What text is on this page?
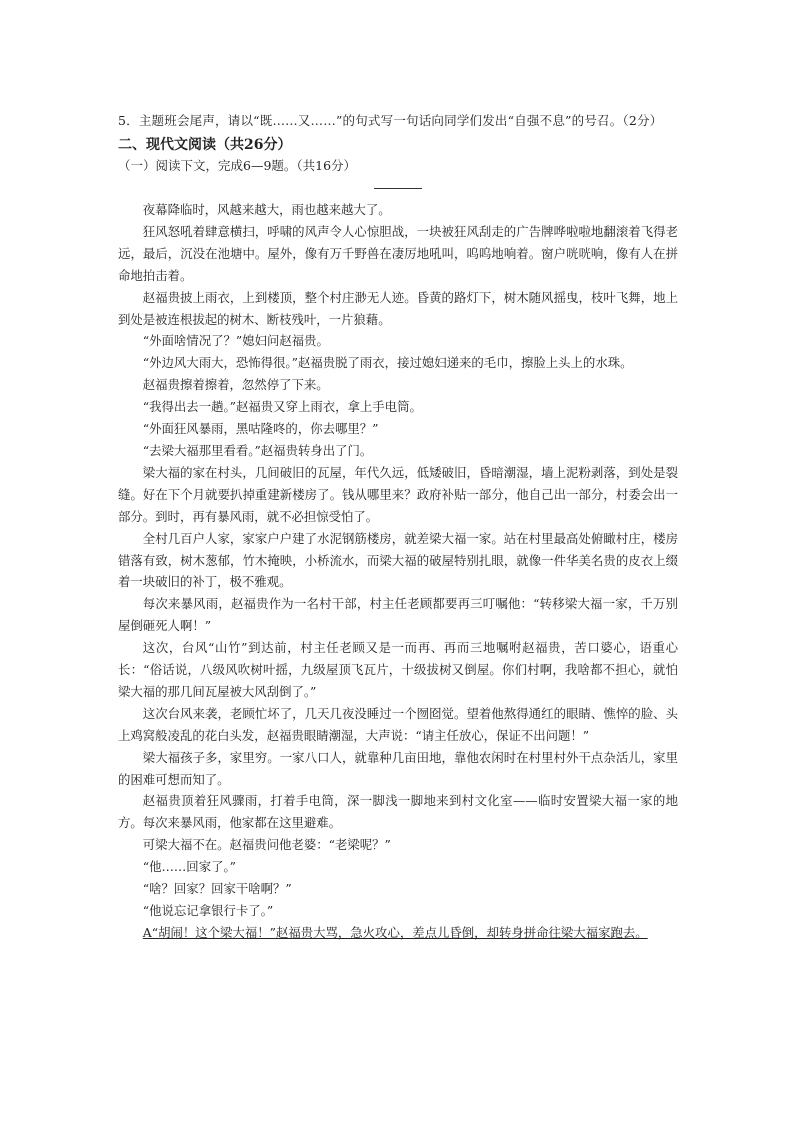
5．主题班会尾声，请以“既……又……”的句式写一句话向同学们发出“自强不息”的号召。（2分）
二、现代文阅读（共26分）
（一）阅读下文，完成6—9题。（共16分）

夜幕降临时，风越来越大，雨也越来越大了。

狂风怒吼着肆意横扫，呼啸的风声令人心惊胆战，一块被狂风刮走的广告牌哗啦啦地翻滚着飞得老远，最后，沉没在池塘中。屋外，像有万千野兽在凄厉地吼叫，呜呜地响着。窗户咣咣响，像有人在拼命地拍击着。

赵福贵披上雨衣，上到楼顶，整个村庄渺无人迹。昏黄的路灯下，树木随风摇曳，枝叶飞舞，地上到处是被连根拔起的树木、断枝残叶，一片狼藉。

“外面啥情况了？”媳妇问赵福贵。

“外边风大雨大，恐怖得很。”赵福贵脱了雨衣，接过媳妇递来的毛巾，擦脸上头上的水珠。

赵福贵擦着擦着，忽然停了下来。

“我得出去一趟。”赵福贵又穿上雨衣，拿上手电筒。

“外面狂风暴雨，黑咕隆咚的，你去哪里？”

“去梁大福那里看看。”赵福贵转身出了门。

梁大福的家在村头，几间破旧的瓦屋，年代久远，低矮破旧，昏暗潮湿，墙上泥粉剥落，到处是裂缝。好在下个月就要扒掉重建新楼房了。钱从哪里来？政府补贴一部分，他自己出一部分，村委会出一部分。到时，再有暴风雨，就不必担惊受怕了。

全村几百户人家，家家户户建了水泥钢筋楼房，就差梁大福一家。站在村里最高处俯瞰村庄，楼房错落有致，树木葱郁，竹木掩映，小桥流水，而梁大福的破屋特别扎眼，就像一件华美名贵的皮衣上缀着一块破旧的补丁，极不雅观。

每次来暴风雨，赵福贵作为一名村干部，村主任老顾都要再三叮嘱他：“转移梁大福一家，千万别屋倒砸死人啊！”

这次，台风“山竹”到达前，村主任老顾又是一而再、再而三地嘱咐赵福贵，苦口婆心，语重心长：“俗话说，八级风吹树叶摇，九级屋顶飞瓦片，十级拔树又倒屋。你们村啊，我啥都不担心，就怕梁大福的那几间瓦屋被大风刮倒了。”

这次台风来袭，老顾忙坏了，几天几夜没睡过一个囫囵觉。望着他熬得通红的眼睛、憔悴的脸、头上鸡窝般凌乱的花白头发，赵福贵眼睛潮湿，大声说：“请主任放心，保证不出问题！”

梁大福孩子多，家里穷。一家八口人，就靠种几亩田地，靠他农闲时在村里村外干点杂活儿，家里的困难可想而知了。

赵福贵顶着狂风骤雨，打着手电筒，深一脚浅一脚地来到村文化室——临时安置梁大福一家的地方。每次来暴风雨，他家都在这里避难。

可梁大福不在。赵福贵问他老婆：“老梁呢？”

“他……回家了。”

“啥？回家？回家干啥啊？”

“他说忘记拿银行卡了。”

A“胡闹！这个梁大福！”赵福贵大骂，急火攻心，差点儿昏倒，却转身拼命往梁大福家跑去。
